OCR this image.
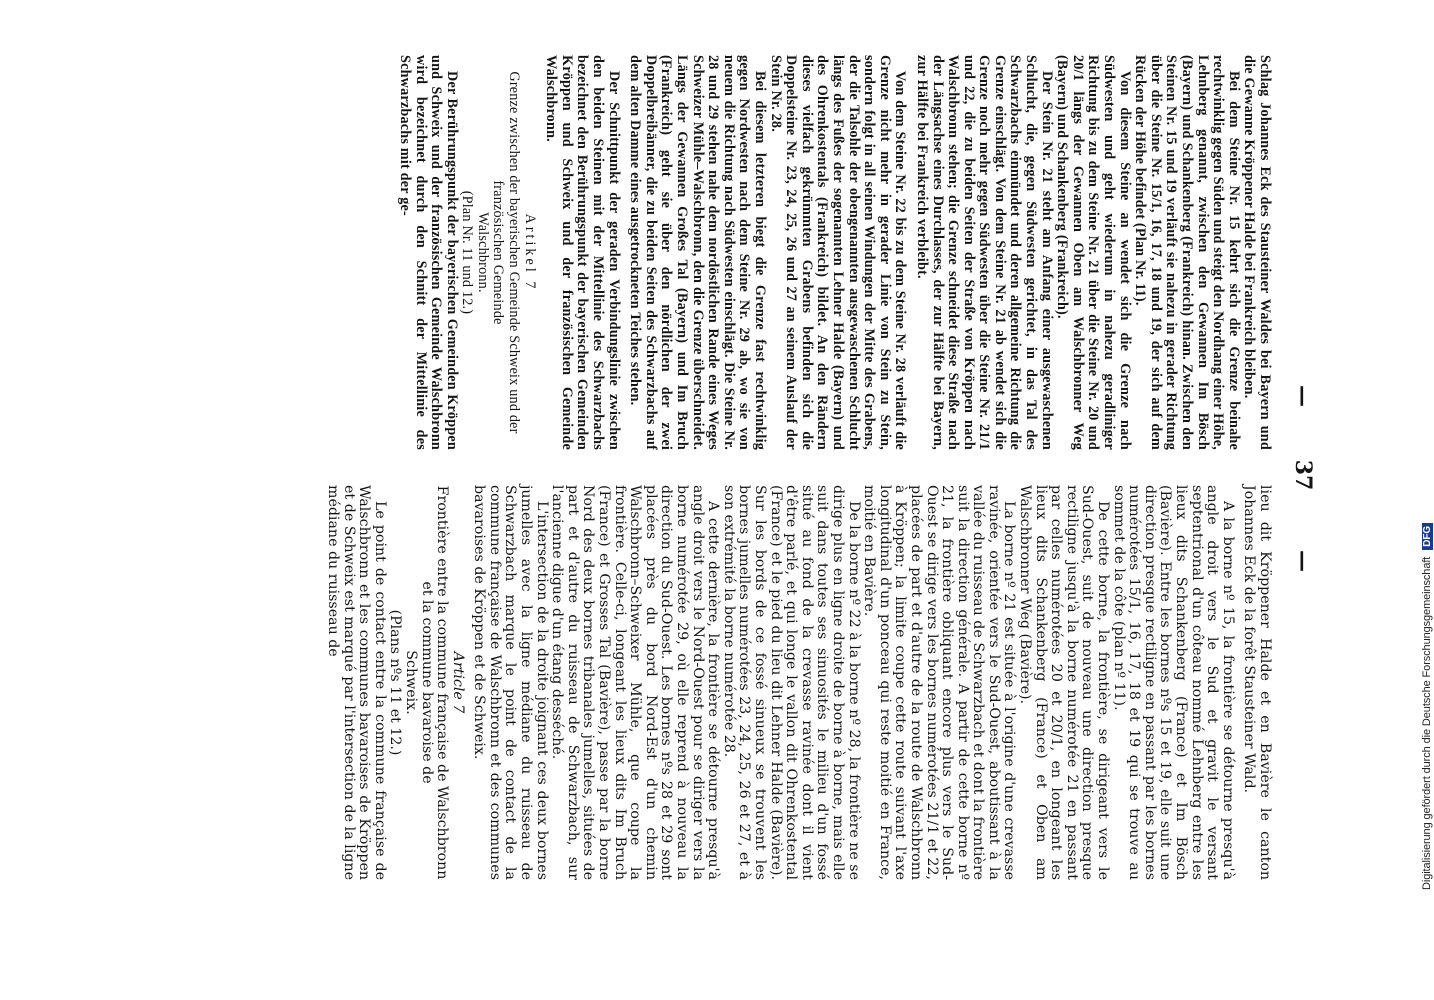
—
37
—

Schlag Johannes Eck des Stausteiner Waldes bei Bayern und die Gewanne Kröppener Halde bei Frankreich bleiben.

Bei dem Steine Nr. 15 kehrt sich die Grenze beinahe rechtwinklig gegen Süden und steigt den Nordhang einer Höhe, Lehnberg genannt, zwischen den Gewannen Im Bösch (Bayern) und Schankenberg (Frankreich) hinan. Zwischen den Steinen Nr. 15 und 19 verläuft sie nahezu in gerader Richtung über die Steine Nr. 15/1, 16, 17, 18 und 19, der sich auf dem Rücken der Höhe befindet (Plan Nr. 11).

Von diesem Steine an wendet sich die Grenze nach Südwesten und geht wiederum in nahezu geradliniger Richtung bis zu dem Steine Nr. 21 über die Steine Nr. 20 und 20/1 längs der Gewannen Oben am Walschbronner Weg (Bayern) und Schankenberg (Frankreich).

Der Stein Nr. 21 steht am Anfang einer ausgewaschenen Schlucht, die, gegen Südwesten gerichtet, in das Tal des Schwarzbachs einmündet und deren allgemeine Richtung die Grenze einschlägt. Von dem Steine Nr. 21 ab wendet sich die Grenze noch mehr gegen Südwesten über die Steine Nr. 21/1 und 22, die zu beiden Seiten der Straße von Kröppen nach Walschbronn stehen; die Grenze schneidet diese Straße nach der Längsachse eines Durchlasses, der zur Hälfte bei Bayern, zur Hälfte bei Frankreich verbleibt.

Von dem Steine Nr. 22 bis zu dem Steine Nr. 28 verläuft die Grenze nicht mehr in gerader Linie von Stein zu Stein, sondern folgt in all seinen Windungen der Mitte des Grabens, der die Talsohle der obengenannten ausgewaschenen Schlucht längs des Fußes der sogenannten Lehner Halde (Bayern) und des Ohrenkostentals (Frankreich) bildet. An den Rändern dieses vielfach gekrümmten Grabens befinden sich die Doppelsteine Nr. 23, 24, 25, 26 und 27 an seinem Auslauf der Stein Nr. 28.

Bei diesem letzteren biegt die Grenze fast rechtwinklig gegen Nordwesten nach dem Steine Nr. 29 ab, wo sie von neuem die Richtung nach Südwesten einschlägt. Die Steine Nr. 28 und 29 stehen nahe dem nordöstlichen Rande eines Weges Schweizer Mühle–Walschbronn, den die Grenze überschneidet. Längs der Gewannen Großes Tal (Bayern) und Im Bruch (Frankreich) geht sie über den nördlichen der zwei Doppelbreibänner, die zu beiden Seiten des Schwarzbachs auf dem alten Damme eines ausgetrockneten Teiches stehen.

Der Schnittpunkt der geraden Verbindungslinie zwischen den beiden Steinen mit der Mittellinie des Schwarzbachs bezeichnet den Berührungspunkt der bayerischen Gemeinden Kröppen und Schweix und der französischen Gemeinde Walschbronn.

Artikel 7
Grenze zwischen der bayerischen Gemeinde Schweix und der französischen Gemeinde
Walschbronn.
(Plan Nr. 11 und 12.)

Der Berührungspunkt der bayerischen Gemeinden Kröppen und Schweix und der französischen Gemeinde Walschbronn wird bezeichnet durch den Schnitt der Mittellinie des Schwarzbachs mit der ge-

lieu dit Kröppener Halde et en Bavière le canton Johannes Eck de la forêt Stausteiner Wald.

A la borne nº 15, la frontière se détourne presqu'à angle droit vers le Sud et gravit le versant septentrional d'un côteau nommé Lehnberg entre les lieux dits Schankenberg (France) et Im Bösch (Bavière). Entre les bornes nºs 15 et 19, elle suit une direction presque rectiligne en passant par les bornes numérotées 15/1, 16, 17, 18 et 19 qui se trouve au sommet de la côte (plan nº 11).

De cette borne, la frontière, se dirigeant vers le Sud-Ouest, suit de nouveau une direction presque rectiligne jusqu'à la borne numérotée 21 en passant par celles numérotées 20 et 20/1, en longeant les lieux dits Schankenberg (France) et Oben am Walschbronner Weg (Bavière).

La borne nº 21 est située à l'origine d'une crevasse ravinée, orientée vers le Sud-Ouest, aboutissant à la vallée du ruisseau de Schwarzbach et dont la frontière suit la direction générale. A partir de cette borne nº 21, la frontière obliquant encore plus vers le Sud-Ouest se dirige vers les bornes numérotées 21/1 et 22, placées de part et d'autre de la route de Walschbronn à Kröppen; la limite coupe cette route suivant l'axe longitudinal d'un ponceau qui reste moitié en France, moitié en Bavière.

De la borne nº 22 à la borne nº 28, la frontière ne se dirige plus en ligne droite de borne à borne, mais elle suit dans toutes ses sinuosités le milieu d'un fossé situé au fond de la crevasse ravinée dont il vient d'être parlé, et qui longe le vallon dit Ohrenkostental (France) et le pied du lieu dit Lehner Halde (Bavière). Sur les bords de ce fossé sinueux se trouvent les bornes jumelles numérotées 23, 24, 25, 26 et 27, et à son extrémité la borne numérotée 28.

A cette dernière, la frontière se détourne presqu'à angle droit vers le Nord-Ouest pour se diriger vers la borne numérotée 29, où elle reprend à nouveau la direction du Sud-Ouest. Les bornes nºs 28 et 29 sont placées près du bord Nord-Est d'un chemin Walschbronn–Schweixer Mühle, que coupe la frontière. Celle-ci, longeant les lieux dits Im Bruch (France) et Grosses Tal (Bavière), passe par la borne Nord des deux bornes tribanales jumelles, situées de part et d'autre du ruisseau de Schwarzbach, sur l'ancienne digue d'un étang desséché.

L'intersection de la droite joignant ces deux bornes jumelles avec la ligne médiane du ruisseau de Schwarzbach marque le point de contact de la commune française de Walschbronn et des communes bavaroises de Kröppen et de Schweix.

Article 7
Frontière entre la commune française de Walschbronn et la commune bavaroise de
Schweix.
(Plans nºs 11 et 12.)

Le point de contact entre la commune française de Walschbronn et les communes bavaroises de Kröppen et de Schweix est marqué par l'intersection de la ligne médiane du ruisseau de	Digitalisierung gefördert durch die Deutsche Forschungsgemeinschaft DFG
